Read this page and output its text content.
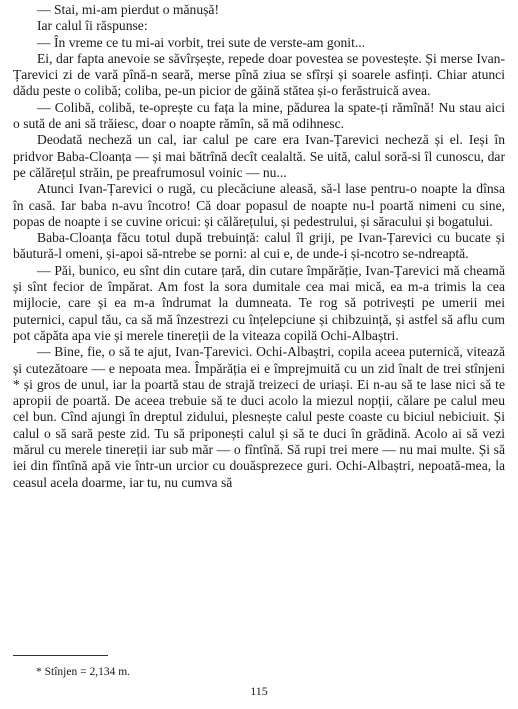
— Stai, mi-am pierdut o mănușă!

Iar calul îi răspunse:

— În vreme ce tu mi-ai vorbit, trei sute de verste-am gonit...

Ei, dar fapta anevoie se săvîrșește, repede doar povestea se povestește. Și merse Ivan-Țarevici zi de vară pînă-n seară, merse pînă ziua se sfîrși și soarele asfinți. Chiar atunci dădu peste o colibă; coliba, pe-un picior de găină stătea și-o ferăstruică avea.

— Colibă, colibă, te-oprește cu fața la mine, pădurea la spate-ți rămînă! Nu stau aici o sută de ani să trăiesc, doar o noapte rămîn, să mă odihnesc.

Deodată necheză un cal, iar calul pe care era Ivan-Țarevici necheză și el. Ieși în pridvor Baba-Cloanța — și mai bătrînă decît cealaltă. Se uită, calul soră-si îl cunoscu, dar pe călărețul străin, pe preafrumosul voinic — nu...

Atunci Ivan-Țarevici o rugă, cu plecăciune aleasă, să-l lase pentru-o noapte la dînsa în casă. Iar baba n-avu încotro! Că doar popasul de noapte nu-l poartă nimeni cu sine, popas de noapte i se cuvine oricui: și călărețului, și pedestrului, și săracului și bogatului.

Baba-Cloanța făcu totul după trebuință: calul îl griji, pe Ivan-Țarevici cu bucate și băutură-l omeni, și-apoi să-ntrebe se porni: al cui e, de unde-i și-ncotro se-ndreaptă.

— Păi, bunico, eu sînt din cutare țară, din cutare împărăție, Ivan-Țarevici mă cheamă și sînt fecior de împărat. Am fost la sora dumitale cea mai mică, ea m-a trimis la cea mijlocie, care și ea m-a îndrumat la dumneata. Te rog să potrivești pe umerii mei puternici, capul tău, ca să mă înzestrezi cu înțelepciune și chibzuință, și astfel să aflu cum pot căpăta apa vie și merele tinereții de la viteaza copilă Ochi-Albaștri.

— Bine, fie, o să te ajut, Ivan-Țarevici. Ochi-Albaștri, copila aceea puternică, vitează și cutezătoare — e nepoata mea. Împărăția ei e împrejmuită cu un zid înalt de trei stînjeni * și gros de unul, iar la poartă stau de strajă treizeci de uriași. Ei n-au să te lase nici să te apropii de poartă. De aceea trebuie să te duci acolo la miezul nopții, călare pe calul meu cel bun. Cînd ajungi în dreptul zidului, plesnește calul peste coaste cu biciul nebiciuit. Și calul o să sară peste zid. Tu să priponești calul și să te duci în grădină. Acolo ai să vezi mărul cu merele tinereții iar sub măr — o fîntînă. Să rupi trei mere — nu mai multe. Și să iei din fîntînă apă vie într-un urcior cu douăsprezece guri. Ochi-Albaștri, nepoată-mea, la ceasul acela doarme, iar tu, nu cumva să

* Stînjen = 2,134 m.
115
